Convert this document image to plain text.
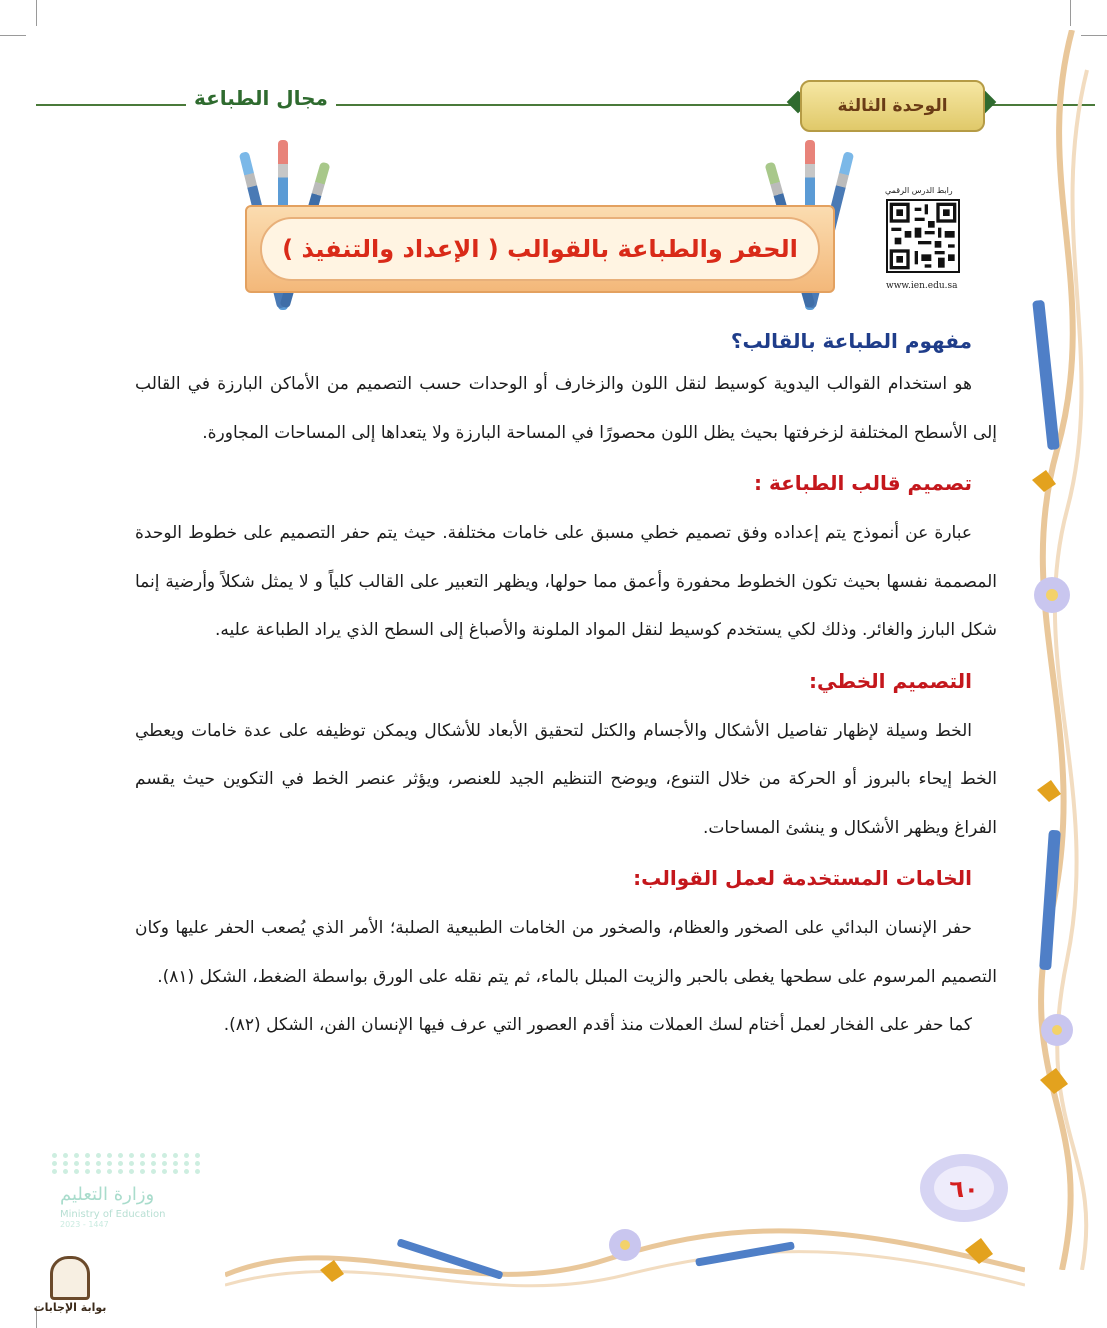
مجال الطباعة	الوحدة الثالثة
رابط الدرس الرقمي
www.ien.edu.sa
الحفر والطباعة بالقوالب ( الإعداد والتنفيذ )
مفهوم الطباعة بالقالب؟

هو استخدام القوالب اليدوية كوسيط لنقل اللون والزخارف أو الوحدات حسب التصميم من الأماكن البارزة في القالب إلى الأسطح المختلفة لزخرفتها بحيث يظل اللون محصورًا في المساحة البارزة ولا يتعداها إلى المساحات المجاورة.

تصميم قالب الطباعة :

عبارة عن أنموذج يتم إعداده وفق تصميم خطي مسبق على خامات مختلفة. حيث يتم حفر التصميم على خطوط الوحدة المصممة نفسها بحيث تكون الخطوط محفورة وأعمق مما حولها، ويظهر التعبير على القالب كلياً و لا يمثل شكلاً وأرضية إنما شكل البارز والغائر. وذلك لكي يستخدم كوسيط لنقل المواد الملونة والأصباغ إلى السطح الذي يراد الطباعة عليه.

التصميم الخطي:

الخط وسيلة لإظهار تفاصيل الأشكال والأجسام والكتل لتحقيق الأبعاد للأشكال ويمكن توظيفه على عدة خامات ويعطي الخط إيحاء بالبروز أو الحركة من خلال التنوع، ويوضح التنظيم الجيد للعنصر، ويؤثر عنصر الخط في التكوين حيث يقسم الفراغ ويظهر الأشكال و ينشئ المساحات.

الخامات المستخدمة لعمل القوالب:

حفر الإنسان البدائي على الصخور والعظام، والصخور من الخامات الطبيعية الصلبة؛ الأمر الذي يُصعب الحفر عليها وكان التصميم المرسوم على سطحها يغطى بالحبر والزيت المبلل بالماء، ثم يتم نقله على الورق بواسطة الضغط، الشكل (٨١).

كما حفر على الفخار لعمل أختام لسك العملات منذ أقدم العصور التي عرف فيها الإنسان الفن، الشكل (٨٢).

٦٠
وزارة التعليم
Ministry of Education
2023 - 1447
بوابة الإجابات
